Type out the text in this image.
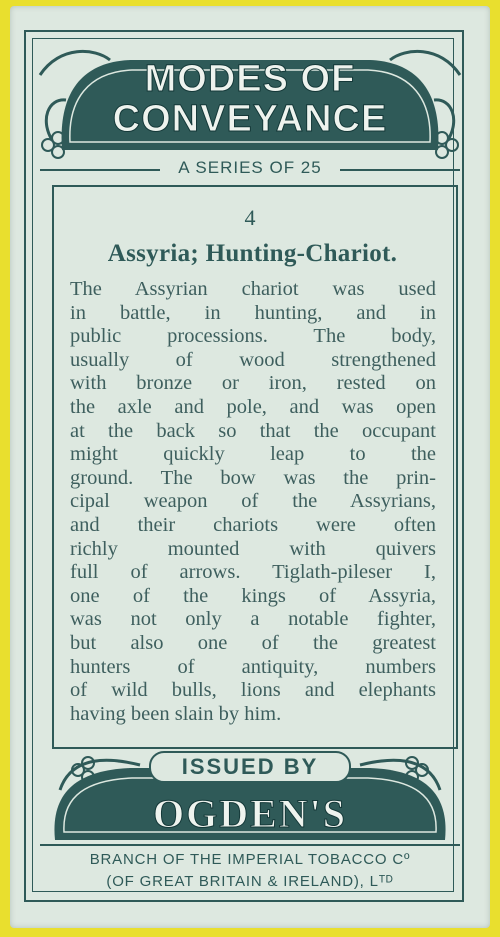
MODES OF
CONVEYANCE
A SERIES OF 25
4
Assyria; Hunting-Chariot.
The Assyrian chariot was used
in battle, in hunting, and in
public processions. The body,
usually of wood strengthened
with bronze or iron, rested on
the axle and pole, and was open
at the back so that the occupant
might quickly leap to the
ground. The bow was the prin-
cipal weapon of the Assyrians,
and their chariots were often
richly mounted with quivers
full of arrows. Tiglath-pileser I,
one of the kings of Assyria,
was not only a notable fighter,
but also one of the greatest
hunters of antiquity, numbers
of wild bulls, lions and elephants
having been slain by him.
ISSUED BY
OGDEN'S
BRANCH OF THE IMPERIAL TOBACCO Cº
(OF GREAT BRITAIN & IRELAND), Lᵀᴰ
